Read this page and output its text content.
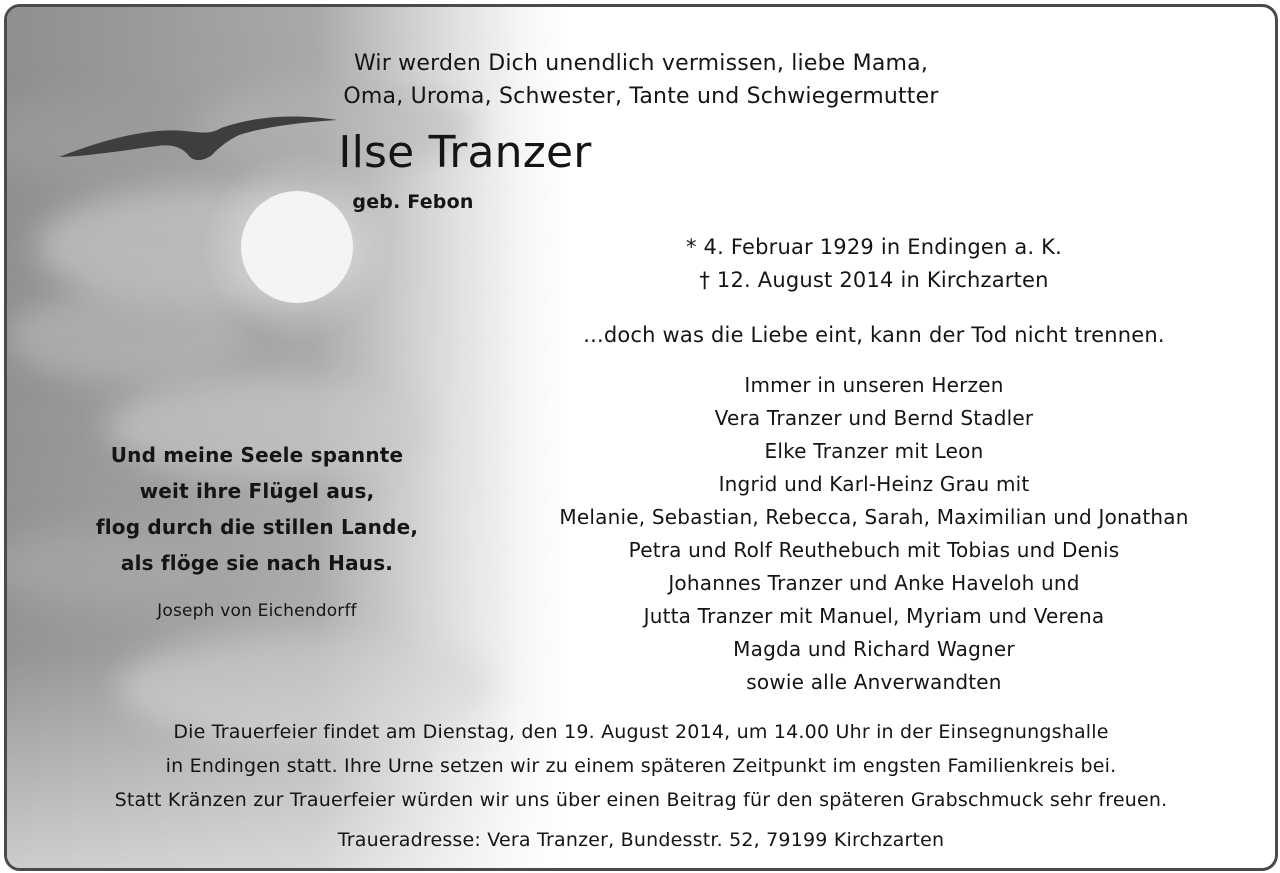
Wir werden Dich unendlich vermissen, liebe Mama,
Oma, Uroma, Schwester, Tante und Schwiegermutter
Ilse Tranzer
geb. Febon
* 4. Februar 1929 in Endingen a. K.
† 12. August 2014 in Kirchzarten
...doch was die Liebe eint, kann der Tod nicht trennen.
Immer in unseren Herzen
Vera Tranzer und Bernd Stadler
Elke Tranzer mit Leon
Ingrid und Karl-Heinz Grau mit
Melanie, Sebastian, Rebecca, Sarah, Maximilian und Jonathan
Petra und Rolf Reuthebuch mit Tobias und Denis
Johannes Tranzer und Anke Haveloh und
Jutta Tranzer mit Manuel, Myriam und Verena
Magda und Richard Wagner
sowie alle Anverwandten
Und meine Seele spannte
weit ihre Flügel aus,
flog durch die stillen Lande,
als flöge sie nach Haus.
Joseph von Eichendorff
Die Trauerfeier findet am Dienstag, den 19. August 2014, um 14.00 Uhr in der Einsegnungshalle
in Endingen statt. Ihre Urne setzen wir zu einem späteren Zeitpunkt im engsten Familienkreis bei.
Statt Kränzen zur Trauerfeier würden wir uns über einen Beitrag für den späteren Grabschmuck sehr freuen.
Traueradresse: Vera Tranzer, Bundesstr. 52, 79199 Kirchzarten
